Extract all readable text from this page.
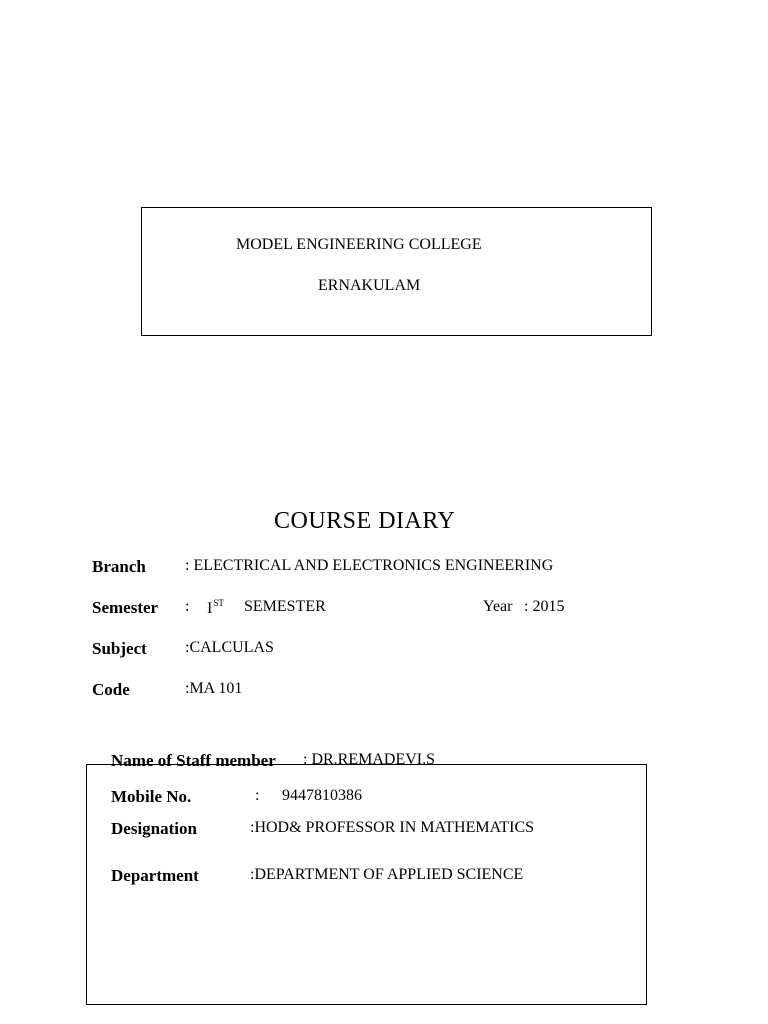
MODEL ENGINEERING COLLEGE
ERNAKULAM
COURSE DIARY
Branch : ELECTRICAL AND ELECTRONICS ENGINEERING
Semester : IST SEMESTER	Year : 2015
Subject :CALCULAS
Code	:MA 101
Name of Staff member : DR.REMADEVI.S
Mobile No.	: 9447810386
Designation	:HOD& PROFESSOR IN MATHEMATICS
Department	:DEPARTMENT OF APPLIED SCIENCE
